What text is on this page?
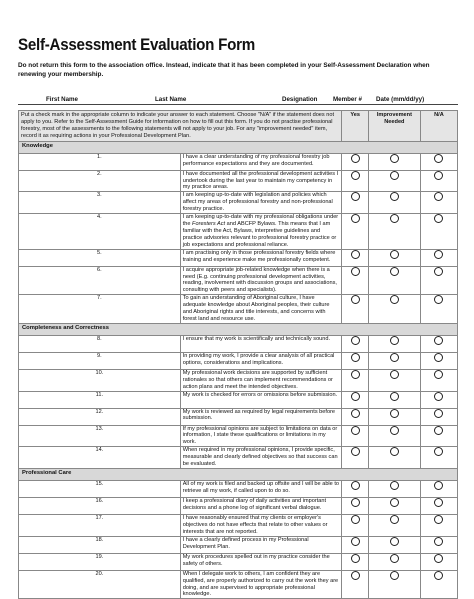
Self-Assessment Evaluation Form
Do not return this form to the association office. Instead, indicate that it has been completed in your Self-Assessment Declaration when renewing your membership.
First Name	Last Name	Designation	Member # Date (mm/dd/yy)
Put a check mark in the appropriate column to indicate your answer to each statement. Choose "N/A" if the statement does not apply to you. Refer to the Self-Assessment Guide for information on how to fill out this form. If you do not practise professional forestry, most of the assessments to the following statements will not apply to your job. For any "improvement needed" item, record it as requiring actions in your Professional Development Plan.		Yes	Improvement Needed	N/A
Knowledge				
1.	I have a clear understanding of my professional forestry job performance expectations and they are documented.	

2.	I have documented all the professional development activities I undertook during the last year to maintain my competency in my practice areas.	

3.	I am keeping up-to-date with legislation and policies which affect my areas of professional forestry and non-professional forestry practice.	

4.	I am keeping up-to-date with my professional obligations under the Foresters Act and ABCFP Bylaws. This means that I am familiar with the Act, Bylaws, interpretive guidelines and practice advisories relevant to professional forestry practice or job expectations and professional reliance.	

5.	I am practising only in those professional forestry fields where training and experience make me professionally competent.	

6.	I acquire appropriate job-related knowledge when there is a need (E.g. continuing professional development activities, reading, involvement with discussion groups and associations, consulting with peers and specialists).	

7.	To gain an understanding of Aboriginal culture, I have adequate knowledge about Aboriginal peoples, their culture and Aboriginal rights and title interests, and concerns with forest land and resource use.	

Completeness and Correctness				
8.	I ensure that my work is scientifically and technically sound.	

9.	In providing my work, I provide a clear analysis of all practical options, considerations and implications.	

10.	My professional work decisions are supported by sufficient rationales so that others can implement recommendations or action plans and meet the intended objectives.	

11.	My work is checked for errors or omissions before submission.	

12.	My work is reviewed as required by legal requirements before submission.	

13.	If my professional opinions are subject to limitations on data or information, I state these qualifications or limitations in my work.	

14.	When required in my professional opinions, I provide specific, measurable and clearly defined objectives so that success can be evaluated.	

Professional Care				
15.	All of my work is filed and backed up offsite and I will be able to retrieve all my work, if called upon to do so.	

16.	I keep a professional diary of daily activities and important decisions and a phone log of significant verbal dialogue.	

17.	I have reasonably ensured that my clients or employer's objectives do not have effects that relate to other values or interests that are not reported.	

18.	I have a clearly defined process in my Professional Development Plan.	

19.	My work procedures spelled out in my practice consider the safety of others.	

20.	When I delegate work to others, I am confident they are qualified, are properly authorized to carry out the work they are doing, and are supervised to appropriate professional knowledge.	
